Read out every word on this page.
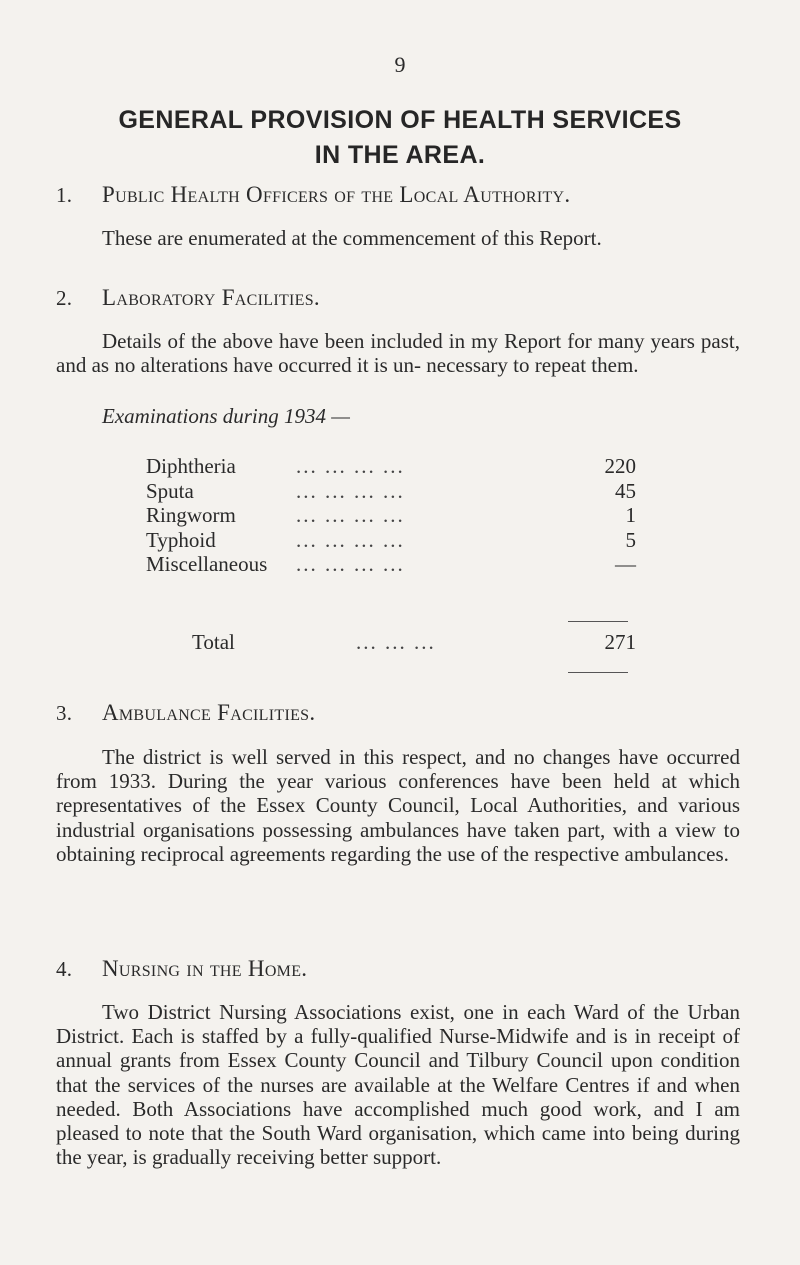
9
GENERAL PROVISION OF HEALTH SERVICES
IN THE AREA.
1. Public Health Officers of the Local Authority.
These are enumerated at the commencement of this Report.
2. Laboratory Facilities.
Details of the above have been included in my Report for many years past, and as no alterations have occurred it is un- necessary to repeat them.
Examinations during 1934 —
Diphtheria	... ... ... ...	220
Sputa	... ... ... ...	45
Ringworm	... ... ... ...	1
Typhoid	... ... ... ...	5
Miscellaneous ... ... ... ...	—
Total	... ... ...	271
3. Ambulance Facilities.
The district is well served in this respect, and no changes have occurred from 1933. During the year various conferences have been held at which representatives of the Essex County Council, Local Authorities, and various industrial organisations possessing ambulances have taken part, with a view to obtaining reciprocal agreements regarding the use of the respective ambulances.
4. Nursing in the Home.
Two District Nursing Associations exist, one in each Ward of the Urban District. Each is staffed by a fully-qualified Nurse-Midwife and is in receipt of annual grants from Essex County Council and Tilbury Council upon condition that the services of the nurses are available at the Welfare Centres if and when needed. Both Associations have accomplished much good work, and I am pleased to note that the South Ward organisation, which came into being during the year, is gradually receiving better support.
